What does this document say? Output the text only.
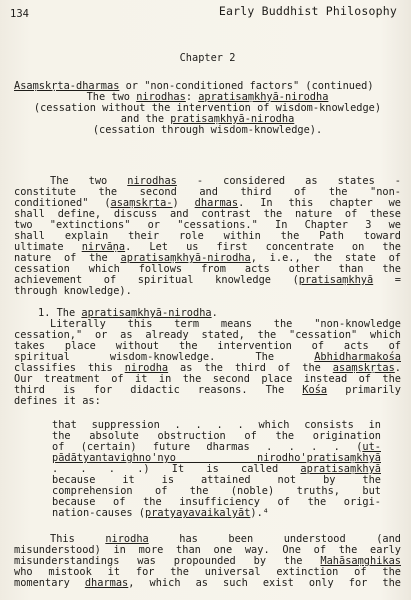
134	Early Buddhist Philosophy
Chapter 2
Asaṃskṛta-dharmas or "non-conditioned factors" (continued)
The two nirodhas: apratisaṃkhyā-nirodha
(cessation without the intervention of wisdom-knowledge)
and the pratisaṃkhyā-nirodha
(cessation through wisdom-knowledge).
The two nirodhas - considered as states -
constitute the second and third of the "non-
conditioned" (asaṃskṛta-) dharmas. In this chapter we
shall define, discuss and contrast the nature of these
two "extinctions" or "cessations." In Chapter 3 we
shall explain their role within the Path toward
ultimate nirvāṇa. Let us first concentrate on the
nature of the apratisaṃkhyā-nirodha, i.e., the state of
cessation which follows from acts other than the
achievement of spiritual knowledge (pratisaṃkhyā =
through knowledge).
1. The apratisaṃkhyā-nirodha.
Literally this term means the "non-knowledge
cessation," or as already stated, the "cessation" which
takes place without the intervention of acts of
spiritual wisdom-knowledge. The Abhidharmakośa
classifies this nirodha as the third of the asaṃskṛtas.
Our treatment of it in the second place instead of the
third is for didactic reasons. The Kośa primarily
defines it as:
that suppression . . . . which consists in
the absolute obstruction of the origination
of (certain) future dharmas . . . . (ut-
pādātyantavighno'nyo nirodho'pratisaṃkhyā
. . . .) It is called apratisaṃkhyā
because it is attained not by the
comprehension of the (noble) truths, but
because of the insufficiency of the origi-
nation-causes (pratyayavaikalyāt).⁴
This nirodha has been understood (and
misunderstood) in more than one way. One of the early
misunderstandings was propounded by the Mahāsaṃghikas
who mistook it for the universal extinction of the
momentary dharmas, which as such exist only for the
